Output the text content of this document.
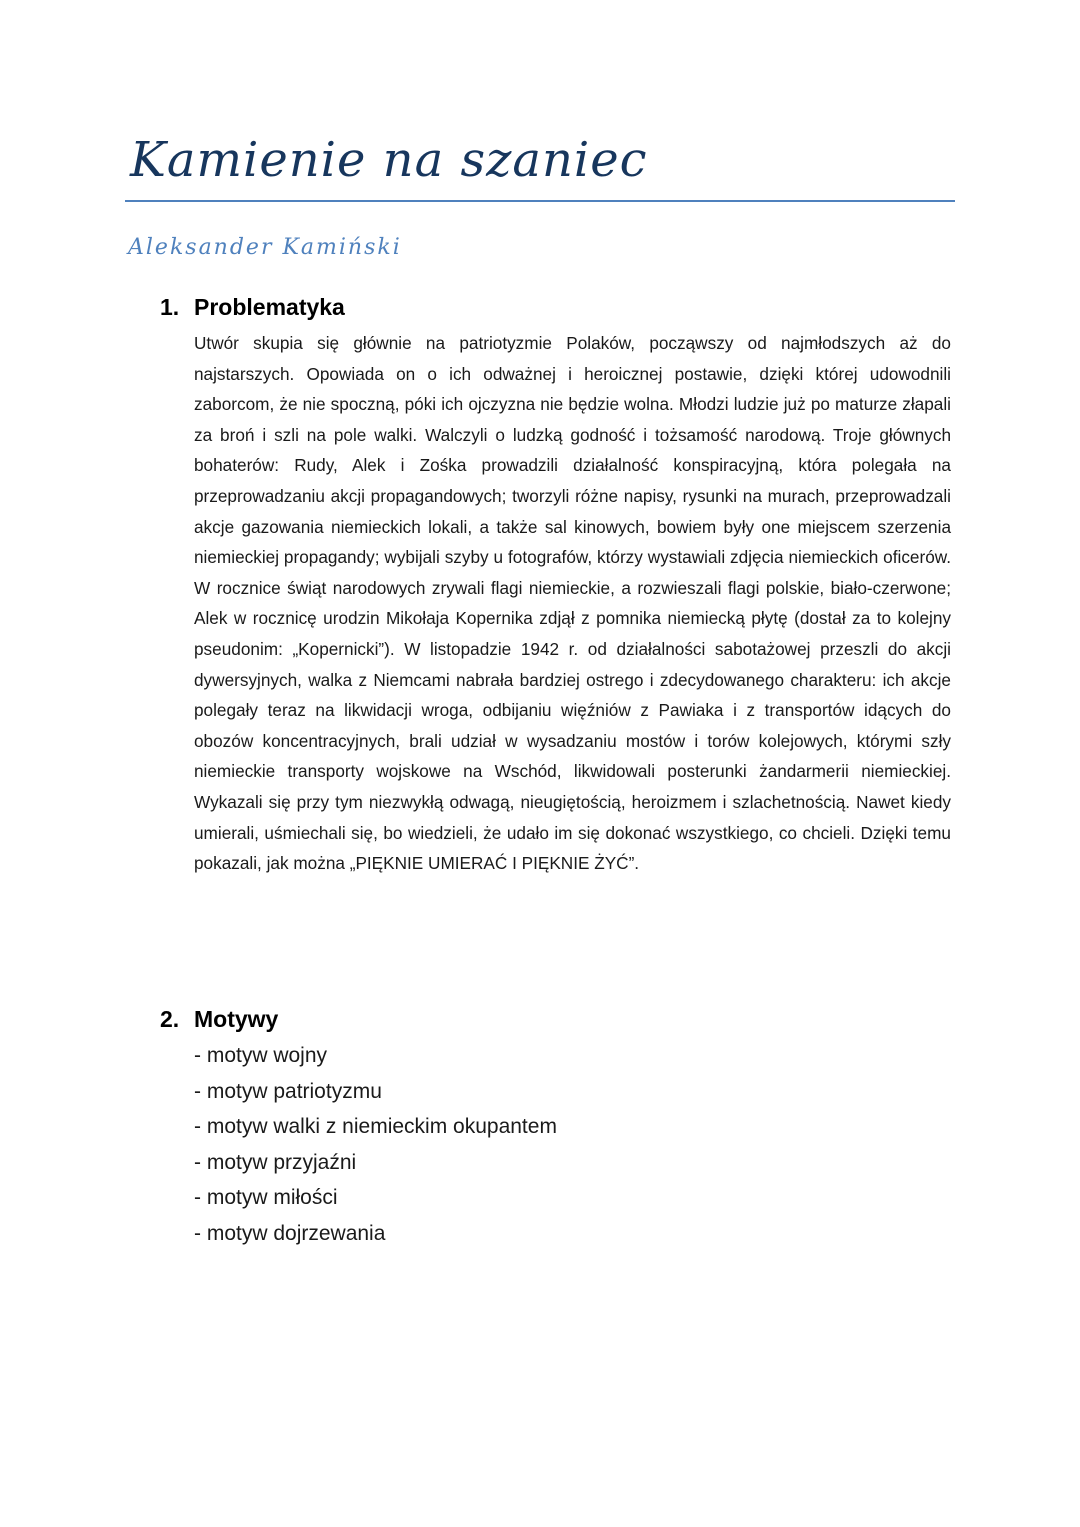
Kamienie na szaniec
Aleksander Kamiński
1. Problematyka

Utwór skupia się głównie na patriotyzmie Polaków, począwszy od najmłodszych aż do najstarszych. Opowiada on o ich odważnej i heroicznej postawie, dzięki której udowodnili zaborcom, że nie spoczną, póki ich ojczyzna nie będzie wolna. Młodzi ludzie już po maturze złapali za broń i szli na pole walki. Walczyli o ludzką godność i tożsamość narodową. Troje głównych bohaterów: Rudy, Alek i Zośka prowadzili działalność konspiracyjną, która polegała na przeprowadzaniu akcji propagandowych; tworzyli różne napisy, rysunki na murach, przeprowadzali akcje gazowania niemieckich lokali, a także sal kinowych, bowiem były one miejscem szerzenia niemieckiej propagandy; wybijali szyby u fotografów, którzy wystawiali zdjęcia niemieckich oficerów. W rocznice świąt narodowych zrywali flagi niemieckie, a rozwieszali flagi polskie, biało-czerwone; Alek w rocznicę urodzin Mikołaja Kopernika zdjął z pomnika niemiecką płytę (dostał za to kolejny pseudonim: „Kopernicki”). W listopadzie 1942 r. od działalności sabotażowej przeszli do akcji dywersyjnych, walka z Niemcami nabrała bardziej ostrego i zdecydowanego charakteru: ich akcje polegały teraz na likwidacji wroga, odbijaniu więźniów z Pawiaka i z transportów idących do obozów koncentracyjnych, brali udział w wysadzaniu mostów i torów kolejowych, którymi szły niemieckie transporty wojskowe na Wschód, likwidowali posterunki żandarmerii niemieckiej. Wykazali się przy tym niezwykłą odwagą, nieugiętością, heroizmem i szlachetnością. Nawet kiedy umierali, uśmiechali się, bo wiedzieli, że udało im się dokonać wszystkiego, co chcieli. Dzięki temu pokazali, jak można „PIĘKNIE UMIERAĆ I PIĘKNIE ŻYĆ”.

2. Motywy
- motyw wojny
- motyw patriotyzmu
- motyw walki z niemieckim okupantem
- motyw przyjaźni
- motyw miłości
- motyw dojrzewania
